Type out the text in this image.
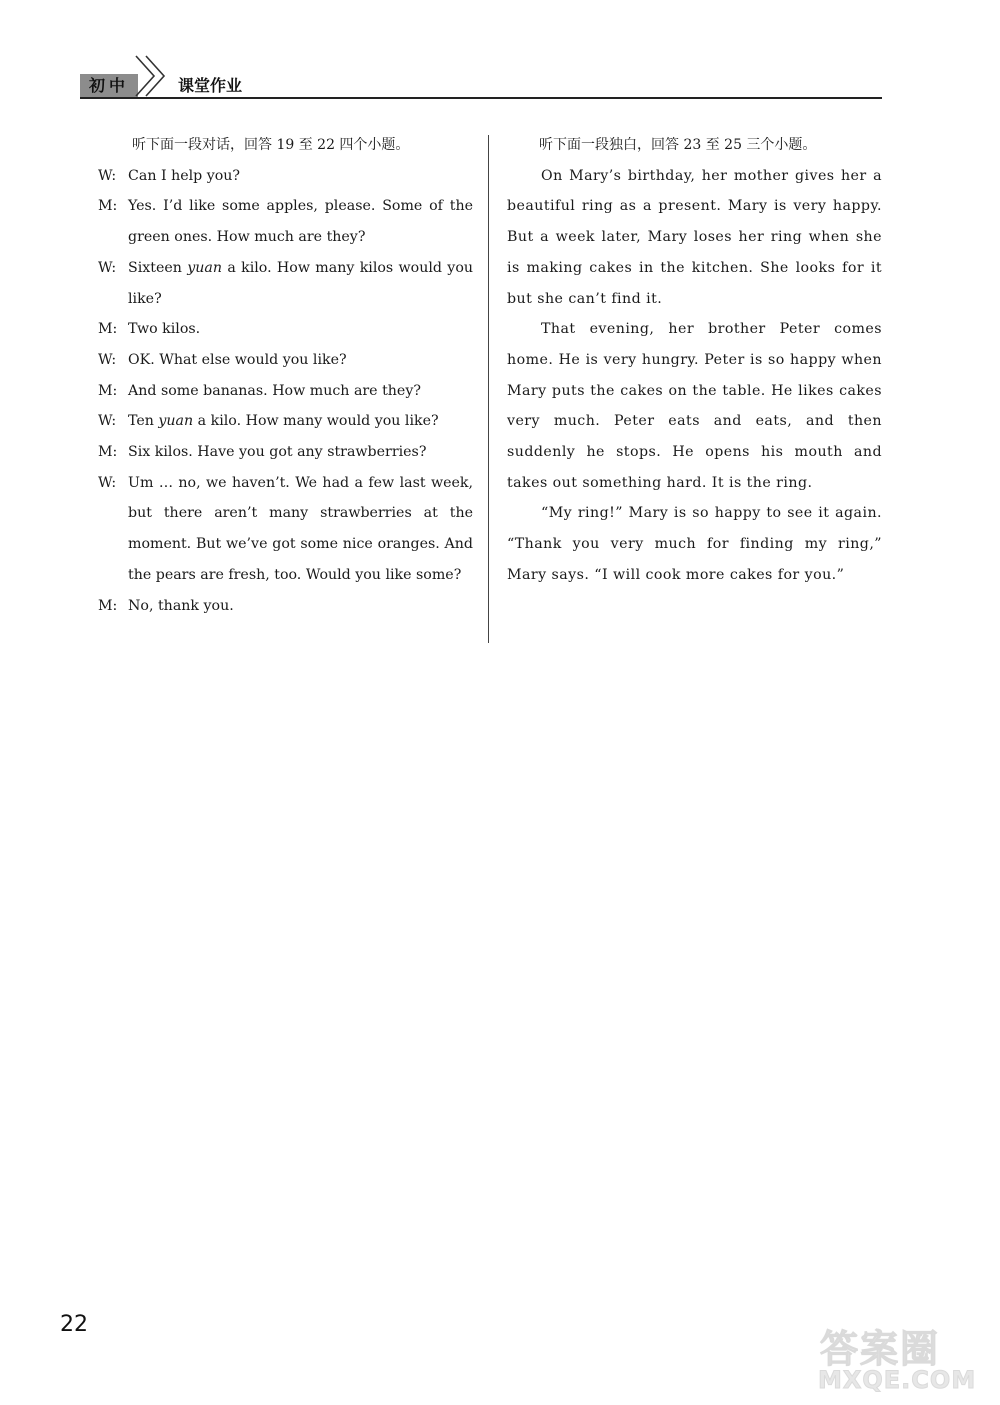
初中	课堂作业

听下面一段对话，回答 19 至 22 四个小题。

W: Can I help you?
M: Yes. I’d like some apples, please. Some of the green ones. How much are they?
W: Sixteen yuan a kilo. How many kilos would you like?
M: Two kilos.
W: OK. What else would you like?
M: And some bananas. How much are they?
W: Ten yuan a kilo. How many would you like?
M: Six kilos. Have you got any strawberries?
W: Um … no, we haven’t. We had a few last week, but there aren’t many strawberries at the moment. But we’ve got some nice oranges. And the pears are fresh, too. Would you like some?
M: No, thank you.

听下面一段独白，回答 23 至 25 三个小题。

On Mary’s birthday, her mother gives her a beautiful ring as a present. Mary is very happy. But a week later, Mary loses her ring when she is making cakes in the kitchen. She looks for it but she can’t find it.

That evening, her brother Peter comes home. He is very hungry. Peter is so happy when Mary puts the cakes on the table. He likes cakes very much. Peter eats and eats, and then suddenly he stops. He opens his mouth and takes out something hard. It is the ring.

“My ring!” Mary is so happy to see it again. “Thank you very much for finding my ring,” Mary says. “I will cook more cakes for you.”

22
答案圈
MXQE.COM
